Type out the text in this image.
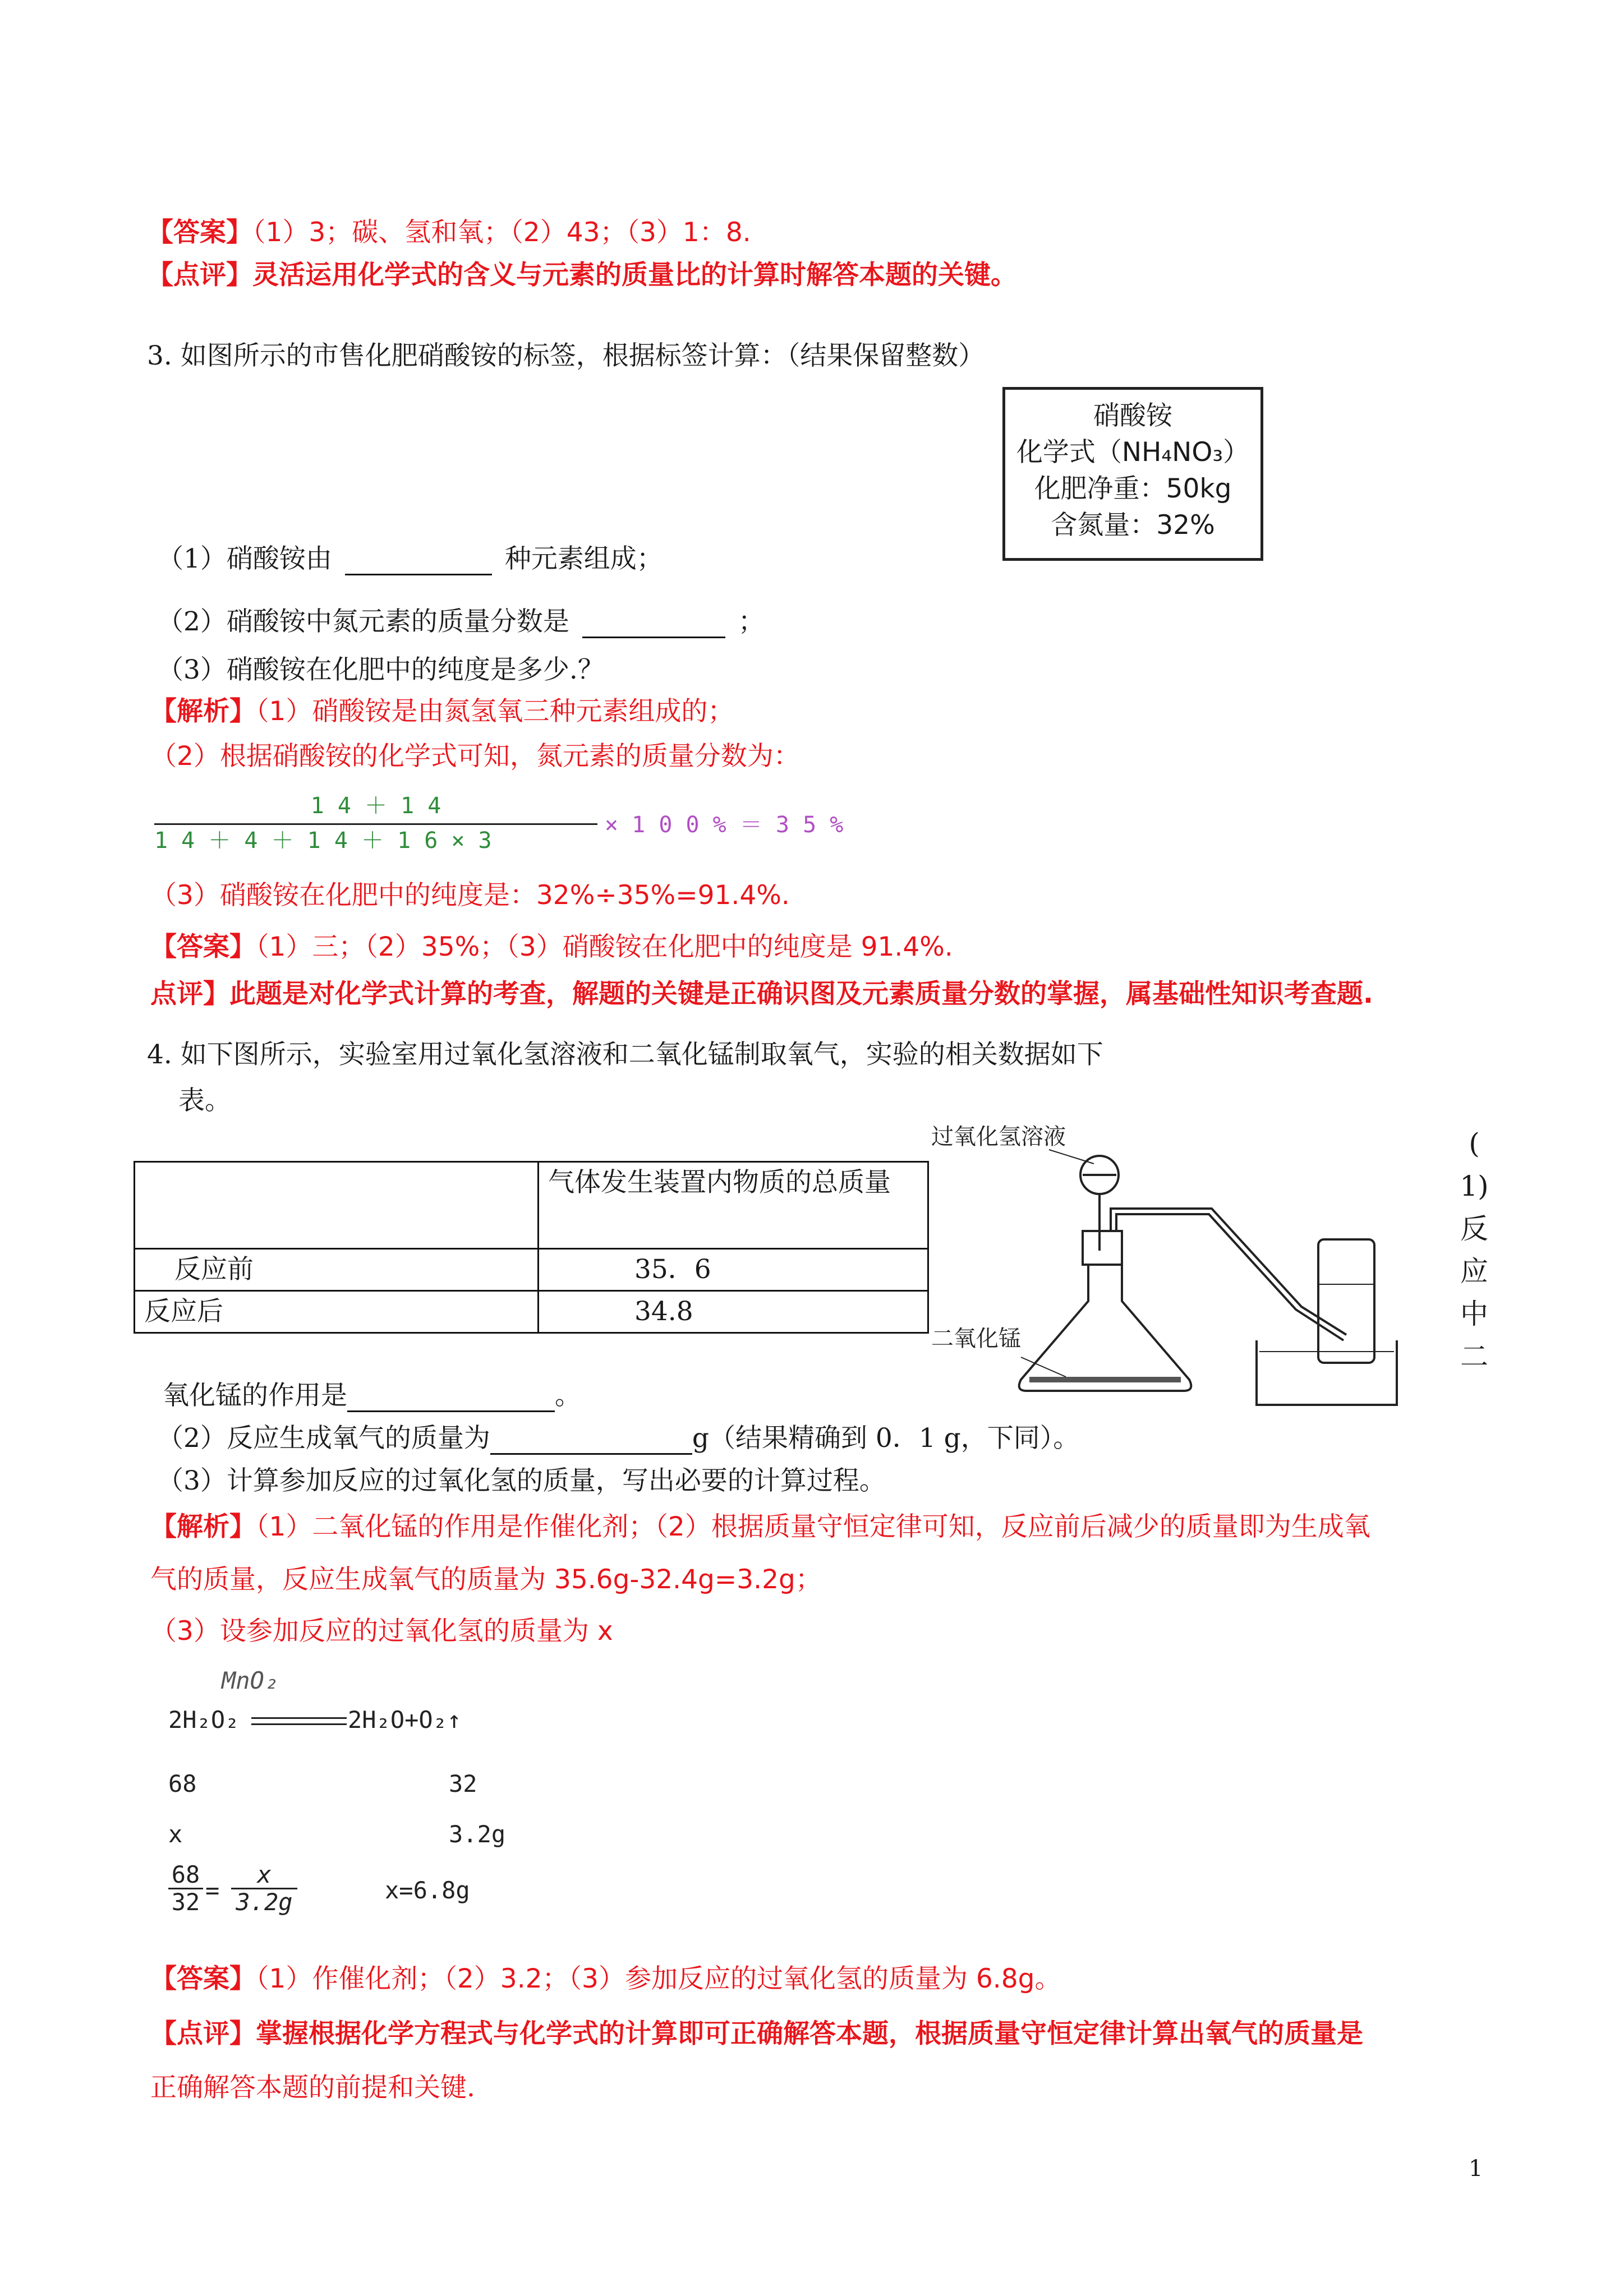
【答案】（1）3；碳、氢和氧；（2）43；（3）1：8.
【点评】灵活运用化学式的含义与元素的质量比的计算时解答本题的关键。
3. 如图所示的市售化肥硝酸铵的标签，根据标签计算：（结果保留整数）
硝酸铵
化学式（NH₄NO₃）
化肥净重：50kg
含氮量：32%
（1）硝酸铵由	种元素组成；
（2）硝酸铵中氮元素的质量分数是	；
（3）硝酸铵在化肥中的纯度是多少.？
【解析】（1）硝酸铵是由氮氢氧三种元素组成的；
（2）根据硝酸铵的化学式可知，氮元素的质量分数为：
1 4 ＋ 1 4
1 4 ＋ 4 ＋ 1 4 ＋ 1 6 × 3
× 1 0 0 % ＝ 3 5 %
（3）硝酸铵在化肥中的纯度是：32%÷35%=91.4%.
【答案】（1）三；（2）35%；（3）硝酸铵在化肥中的纯度是 91.4%.
点评】此题是对化学式计算的考查，解题的关键是正确识图及元素质量分数的掌握，属基础性知识考查题.
4. 如下图所示，实验室用过氧化氢溶液和二氧化锰制取氧气，实验的相关数据如下
表。
	气体发生装置内物质的总质量
反应前	35．6
反应后	34.8
过氧化氢溶液
二氧化锰
(
1)
反
应
中
二
氧化锰的作用是	。
（2）反应生成氧气的质量为	g（结果精确到 0．1 g，下同）。
（3）计算参加反应的过氧化氢的质量，写出必要的计算过程。
【解析】（1）二氧化锰的作用是作催化剂；（2）根据质量守恒定律可知，反应前后减少的质量即为生成氧
气的质量，反应生成氧气的质量为 35.6g-32.4g=3.2g；
（3）设参加反应的过氧化氢的质量为 x
MnO₂
2H₂O₂	2H₂O+O₂↑
68	32
x	3.2g
68
32 =
x
3.2g	x=6.8g
【答案】（1）作催化剂；（2）3.2；（3）参加反应的过氧化氢的质量为 6.8g。
【点评】掌握根据化学方程式与化学式的计算即可正确解答本题，根据质量守恒定律计算出氧气的质量是
正确解答本题的前提和关键.
1
